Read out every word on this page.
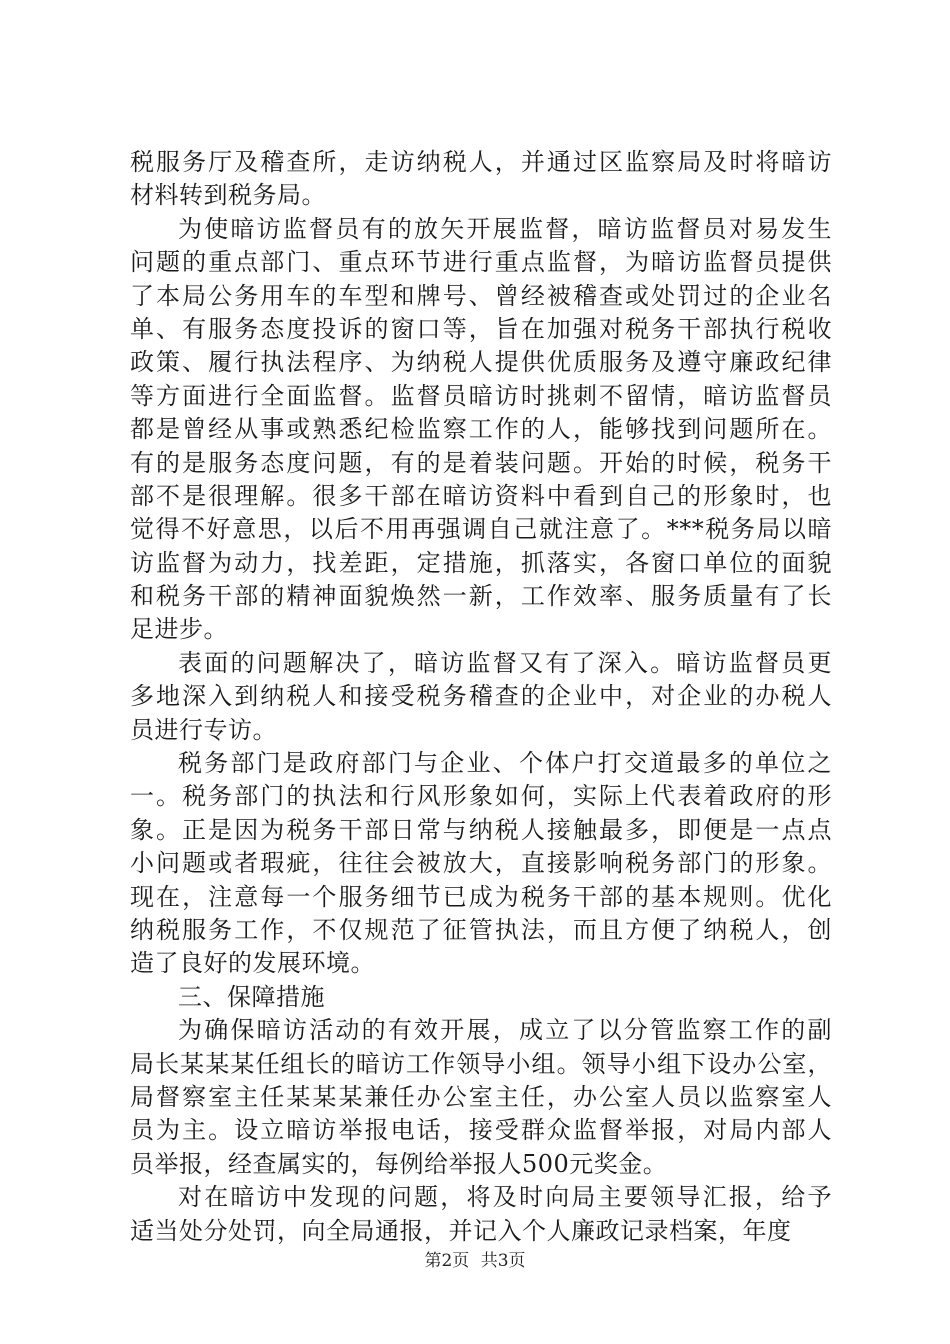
税服务厅及稽查所，走访纳税人，并通过区监察局及时将暗访
材料转到税务局。
为使暗访监督员有的放矢开展监督，暗访监督员对易发生
问题的重点部门、重点环节进行重点监督，为暗访监督员提供
了本局公务用车的车型和牌号、曾经被稽查或处罚过的企业名
单、有服务态度投诉的窗口等，旨在加强对税务干部执行税收
政策、履行执法程序、为纳税人提供优质服务及遵守廉政纪律
等方面进行全面监督。监督员暗访时挑刺不留情，暗访监督员
都是曾经从事或熟悉纪检监察工作的人，能够找到问题所在。
有的是服务态度问题，有的是着装问题。开始的时候，税务干
部不是很理解。很多干部在暗访资料中看到自己的形象时，也
觉得不好意思，以后不用再强调自己就注意了。***税务局以暗
访监督为动力，找差距，定措施，抓落实，各窗口单位的面貌
和税务干部的精神面貌焕然一新，工作效率、服务质量有了长
足进步。
表面的问题解决了，暗访监督又有了深入。暗访监督员更
多地深入到纳税人和接受税务稽查的企业中，对企业的办税人
员进行专访。
税务部门是政府部门与企业、个体户打交道最多的单位之
一。税务部门的执法和行风形象如何，实际上代表着政府的形
象。正是因为税务干部日常与纳税人接触最多，即便是一点点
小问题或者瑕疵，往往会被放大，直接影响税务部门的形象。
现在，注意每一个服务细节已成为税务干部的基本规则。优化
纳税服务工作，不仅规范了征管执法，而且方便了纳税人，创
造了良好的发展环境。
三、保障措施
为确保暗访活动的有效开展，成立了以分管监察工作的副
局长某某某任组长的暗访工作领导小组。领导小组下设办公室，
局督察室主任某某某兼任办公室主任，办公室人员以监察室人
员为主。设立暗访举报电话，接受群众监督举报，对局内部人
员举报，经查属实的，每例给举报人500元奖金。
对在暗访中发现的问题，将及时向局主要领导汇报，给予
适当处分处罚，向全局通报，并记入个人廉政记录档案，年度
第2页 共3页
